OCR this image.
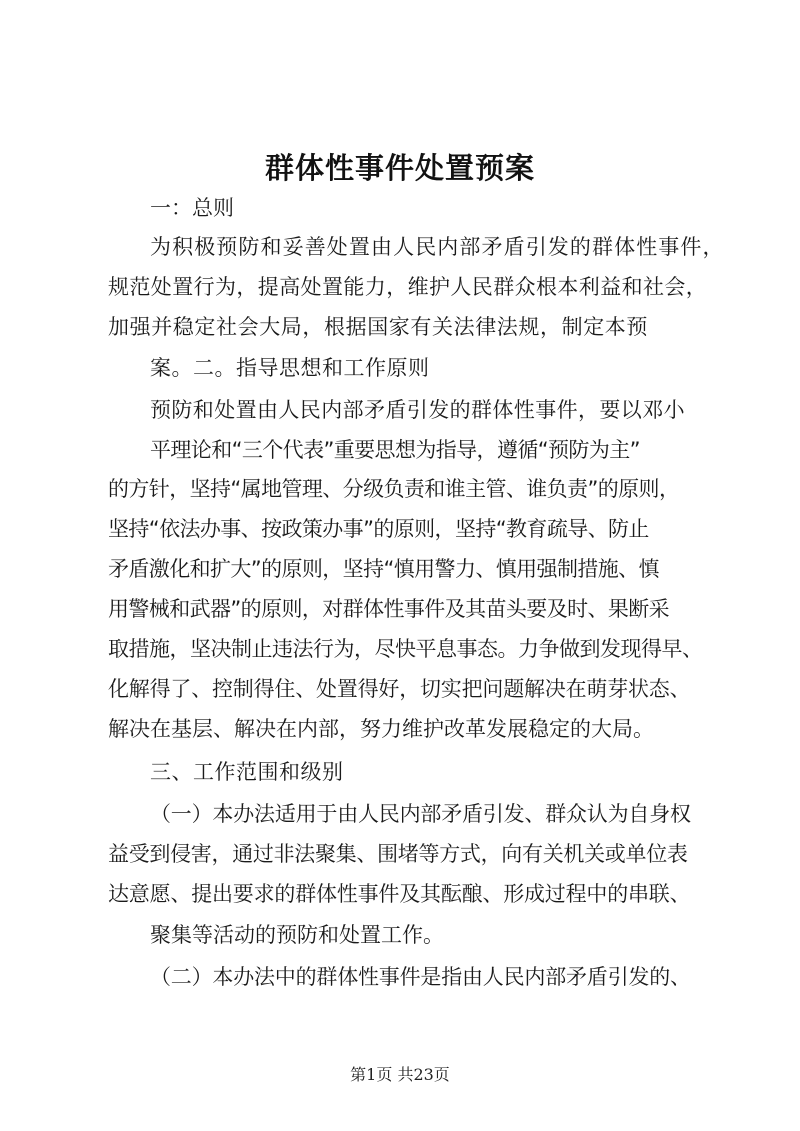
群体性事件处置预案
一：总则
为积极预防和妥善处置由人民内部矛盾引发的群体性事件，
规范处置行为，提高处置能力，维护人民群众根本利益和社会，
加强并稳定社会大局，根据国家有关法律法规，制定本预
案。二。指导思想和工作原则
预防和处置由人民内部矛盾引发的群体性事件，要以邓小
平理论和“三个代表”重要思想为指导，遵循“预防为主”
的方针，坚持“属地管理、分级负责和谁主管、谁负责”的原则，
坚持“依法办事、按政策办事”的原则，坚持“教育疏导、防止
矛盾激化和扩大”的原则，坚持“慎用警力、慎用强制措施、慎
用警械和武器”的原则，对群体性事件及其苗头要及时、果断采
取措施，坚决制止违法行为，尽快平息事态。力争做到发现得早、
化解得了、控制得住、处置得好，切实把问题解决在萌芽状态、
解决在基层、解决在内部，努力维护改革发展稳定的大局。
三、工作范围和级别
（一）本办法适用于由人民内部矛盾引发、群众认为自身权
益受到侵害，通过非法聚集、围堵等方式，向有关机关或单位表
达意愿、提出要求的群体性事件及其酝酿、形成过程中的串联、
聚集等活动的预防和处置工作。
（二）本办法中的群体性事件是指由人民内部矛盾引发的、
第1页 共23页
